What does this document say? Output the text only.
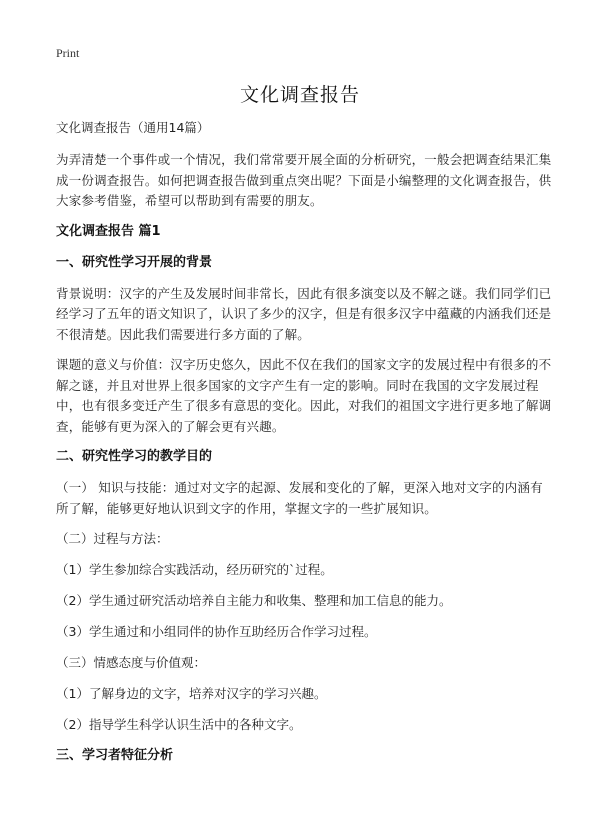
Print
文化调查报告
文化调查报告（通用14篇）

为弄清楚一个事件或一个情况，我们常常要开展全面的分析研究，一般会把调查结果汇集成一份调查报告。如何把调查报告做到重点突出呢？下面是小编整理的文化调查报告，供大家参考借鉴，希望可以帮助到有需要的朋友。

文化调查报告 篇1
一、研究性学习开展的背景

背景说明：汉字的产生及发展时间非常长，因此有很多演变以及不解之谜。我们同学们已经学习了五年的语文知识了，认识了多少的汉字，但是有很多汉字中蕴藏的内涵我们还是不很清楚。因此我们需要进行多方面的了解。

课题的意义与价值：汉字历史悠久，因此不仅在我们的国家文字的发展过程中有很多的不解之谜，并且对世界上很多国家的文字产生有一定的影响。同时在我国的文字发展过程中，也有很多变迁产生了很多有意思的变化。因此，对我们的祖国文字进行更多地了解调查，能够有更为深入的了解会更有兴趣。

二、研究性学习的教学目的

（一） 知识与技能：通过对文字的起源、发展和变化的了解，更深入地对文字的内涵有所了解，能够更好地认识到文字的作用，掌握文字的一些扩展知识。

（二）过程与方法：

（1）学生参加综合实践活动，经历研究的`过程。

（2）学生通过研究活动培养自主能力和收集、整理和加工信息的能力。

（3）学生通过和小组同伴的协作互助经历合作学习过程。

（三）情感态度与价值观：

（1）了解身边的文字，培养对汉字的学习兴趣。

（2）指导学生科学认识生活中的各种文字。

三、学习者特征分析
